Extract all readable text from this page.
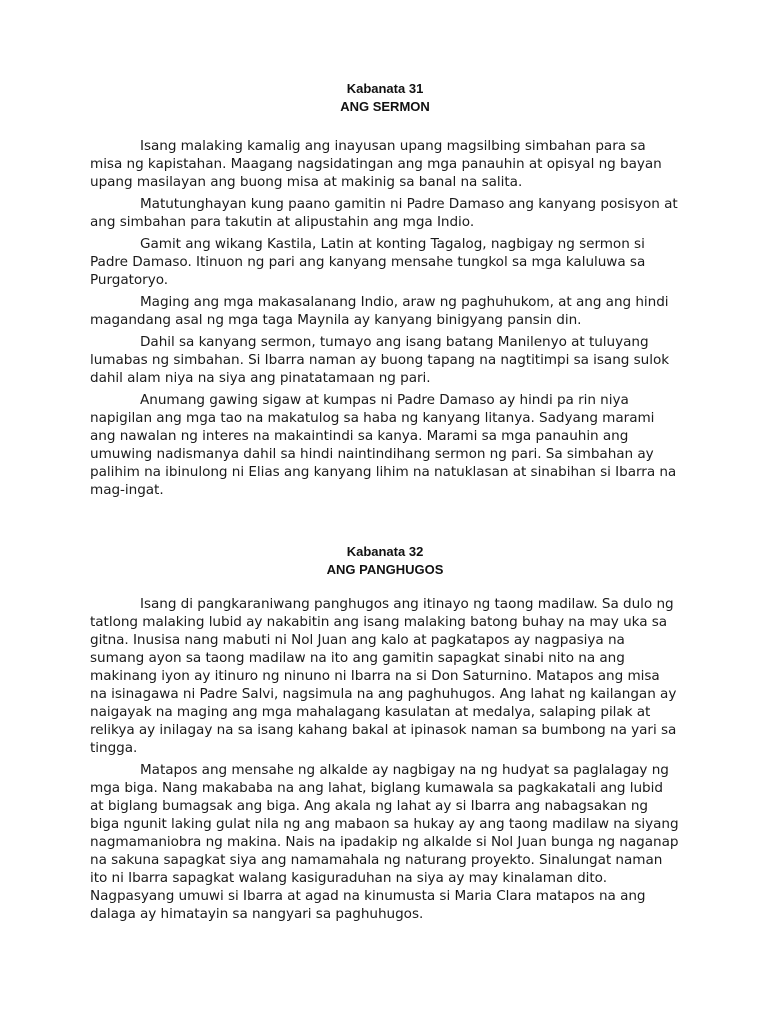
Kabanata 31
ANG SERMON

Isang malaking kamalig ang inayusan upang magsilbing simbahan para sa misa ng kapistahan. Maagang nagsidatingan ang mga panauhin at opisyal ng bayan upang masilayan ang buong misa at makinig sa banal na salita.

Matutunghayan kung paano gamitin ni Padre Damaso ang kanyang posisyon at ang simbahan para takutin at alipustahin ang mga Indio.

Gamit ang wikang Kastila, Latin at konting Tagalog, nagbigay ng sermon si Padre Damaso. Itinuon ng pari ang kanyang mensahe tungkol sa mga kaluluwa sa Purgatoryo.

Maging ang mga makasalanang Indio, araw ng paghuhukom, at ang ang hindi magandang asal ng mga taga Maynila ay kanyang binigyang pansin din.

Dahil sa kanyang sermon, tumayo ang isang batang Manilenyo at tuluyang lumabas ng simbahan. Si Ibarra naman ay buong tapang na nagtitimpi sa isang sulok dahil alam niya na siya ang pinatatamaan ng pari.

Anumang gawing sigaw at kumpas ni Padre Damaso ay hindi pa rin niya napigilan ang mga tao na makatulog sa haba ng kanyang litanya. Sadyang marami ang nawalan ng interes na makaintindi sa kanya. Marami sa mga panauhin ang umuwing nadismanya dahil sa hindi naintindihang sermon ng pari. Sa simbahan ay palihim na ibinulong ni Elias ang kanyang lihim na natuklasan at sinabihan si Ibarra na mag-ingat.

Kabanata 32
ANG PANGHUGOS

Isang di pangkaraniwang panghugos ang itinayo ng taong madilaw. Sa dulo ng tatlong malaking lubid ay nakabitin ang isang malaking batong buhay na may uka sa gitna. Inusisa nang mabuti ni Nol Juan ang kalo at pagkatapos ay nagpasiya na sumang ayon sa taong madilaw na ito ang gamitin sapagkat sinabi nito na ang makinang iyon ay itinuro ng ninuno ni Ibarra na si Don Saturnino. Matapos ang misa na isinagawa ni Padre Salvi, nagsimula na ang paghuhugos. Ang lahat ng kailangan ay naigayak na maging ang mga mahalagang kasulatan at medalya, salaping pilak at relikya ay inilagay na sa isang kahang bakal at ipinasok naman sa bumbong na yari sa tingga.

Matapos ang mensahe ng alkalde ay nagbigay na ng hudyat sa paglalagay ng mga biga. Nang makababa na ang lahat, biglang kumawala sa pagkakatali ang lubid at biglang bumagsak ang biga. Ang akala ng lahat ay si Ibarra ang nabagsakan ng biga ngunit laking gulat nila ng ang mabaon sa hukay ay ang taong madilaw na siyang nagmamaniobra ng makina. Nais na ipadakip ng alkalde si Nol Juan bunga ng naganap na sakuna sapagkat siya ang namamahala ng naturang proyekto. Sinalungat naman ito ni Ibarra sapagkat walang kasiguraduhan na siya ay may kinalaman dito. Nagpasyang umuwi si Ibarra at agad na kinumusta si Maria Clara matapos na ang dalaga ay himatayin sa nangyari sa paghuhugos.
